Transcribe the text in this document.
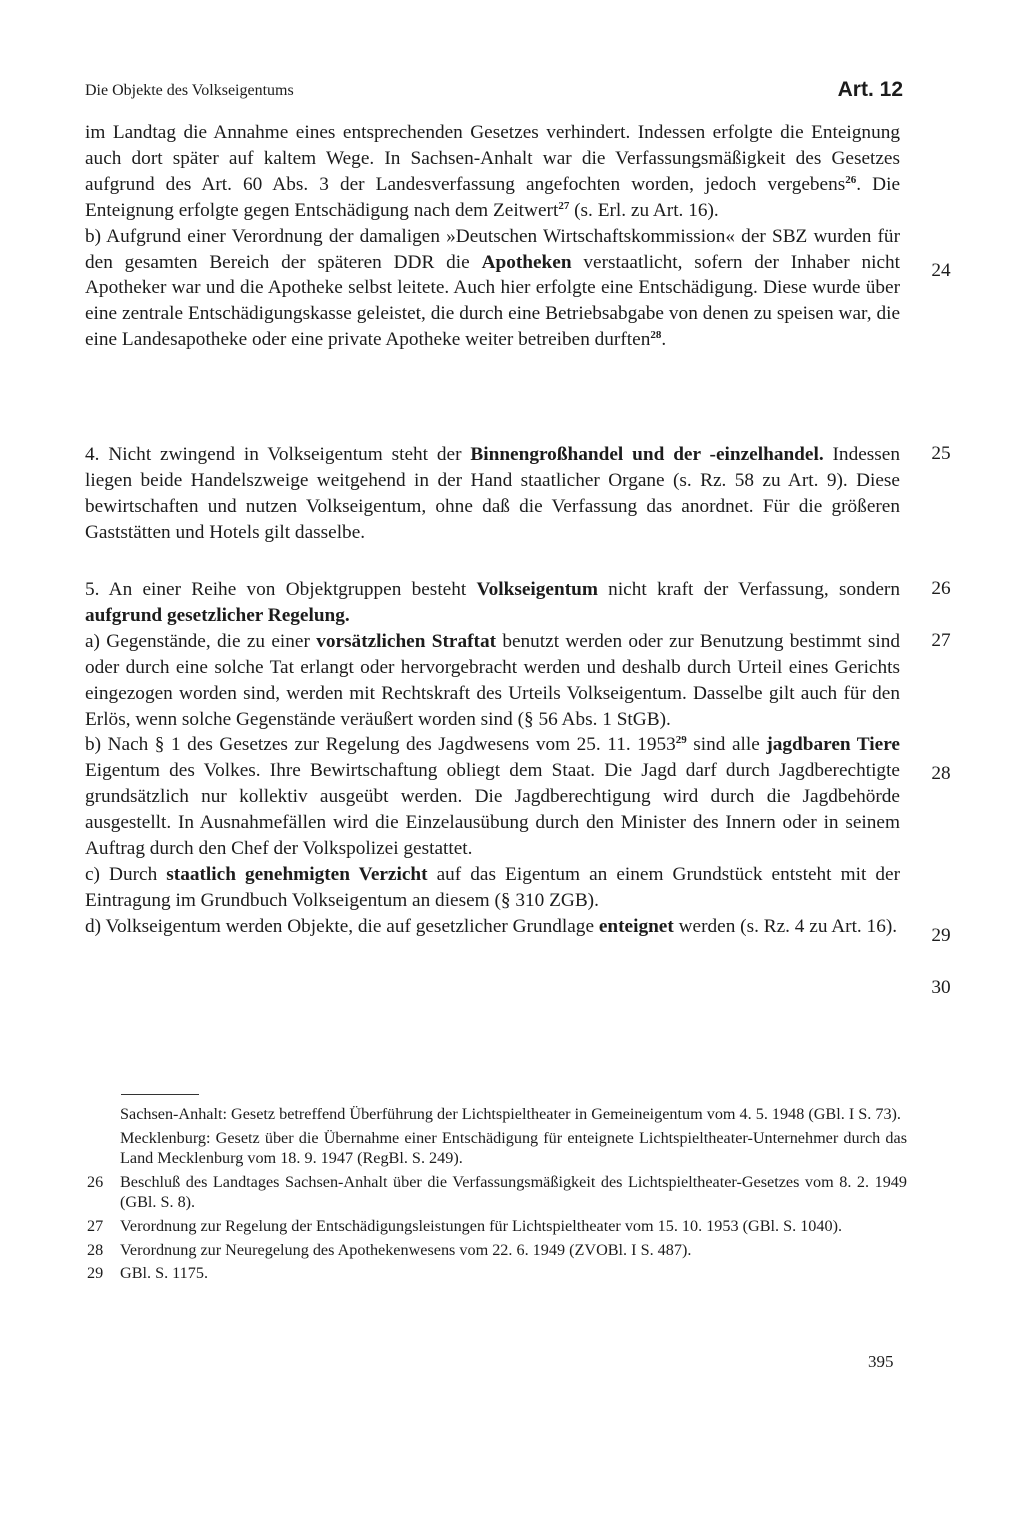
Die Objekte des Volkseigentums	Art. 12

im Landtag die Annahme eines entsprechenden Gesetzes verhindert. Indessen erfolgte die Enteignung auch dort später auf kaltem Wege. In Sachsen-Anhalt war die Verfassungsmäßigkeit des Gesetzes aufgrund des Art. 60 Abs. 3 der Landesverfassung angefochten worden, jedoch vergebens$^{26}$. Die Enteignung erfolgte gegen Entschädigung nach dem Zeitwert$^{27}$ (s. Erl. zu Art. 16).

b) Aufgrund einer Verordnung der damaligen »Deutschen Wirtschaftskommission« der SBZ wurden für den gesamten Bereich der späteren DDR die Apotheken verstaatlicht, sofern der Inhaber nicht Apotheker war und die Apotheke selbst leitete. Auch hier erfolgte eine Entschädigung. Diese wurde über eine zentrale Entschädigungskasse geleistet, die durch eine Betriebsabgabe von denen zu speisen war, die eine Landesapotheke oder eine private Apotheke weiter betreiben durften$^{28}$.

4. Nicht zwingend in Volkseigentum steht der Binnengroßhandel und der -einzelhandel. Indessen liegen beide Handelszweige weitgehend in der Hand staatlicher Organe (s. Rz. 58 zu Art. 9). Diese bewirtschaften und nutzen Volkseigentum, ohne daß die Verfassung das anordnet. Für die größeren Gaststätten und Hotels gilt dasselbe.

5. An einer Reihe von Objektgruppen besteht Volkseigentum nicht kraft der Verfassung, sondern aufgrund gesetzlicher Regelung.

a) Gegenstände, die zu einer vorsätzlichen Straftat benutzt werden oder zur Benutzung bestimmt sind oder durch eine solche Tat erlangt oder hervorgebracht werden und deshalb durch Urteil eines Gerichts eingezogen worden sind, werden mit Rechtskraft des Urteils Volkseigentum. Dasselbe gilt auch für den Erlös, wenn solche Gegenstände veräußert worden sind (§ 56 Abs. 1 StGB).

b) Nach § 1 des Gesetzes zur Regelung des Jagdwesens vom 25. 11. 1953$^{29}$ sind alle jagdbaren Tiere Eigentum des Volkes. Ihre Bewirtschaftung obliegt dem Staat. Die Jagd darf durch Jagdberechtigte grundsätzlich nur kollektiv ausgeübt werden. Die Jagdberechtigung wird durch die Jagdbehörde ausgestellt. In Ausnahmefällen wird die Einzelausübung durch den Minister des Innern oder in seinem Auftrag durch den Chef der Volkspolizei gestattet.

c) Durch staatlich genehmigten Verzicht auf das Eigentum an einem Grundstück entsteht mit der Eintragung im Grundbuch Volkseigentum an diesem (§ 310 ZGB).

d) Volkseigentum werden Objekte, die auf gesetzlicher Grundlage enteignet werden (s. Rz. 4 zu Art. 16).

24
25
26
27
28
29
30
Sachsen-Anhalt: Gesetz betreffend Überführung der Lichtspieltheater in Gemeineigentum vom 4. 5. 1948 (GBl. I S. 73).
Mecklenburg: Gesetz über die Übernahme einer Entschädigung für enteignete Lichtspieltheater-Unternehmer durch das Land Mecklenburg vom 18. 9. 1947 (RegBl. S. 249).
26 Beschluß des Landtages Sachsen-Anhalt über die Verfassungsmäßigkeit des Lichtspieltheater-Gesetzes vom 8. 2. 1949 (GBl. S. 8).
27 Verordnung zur Regelung der Entschädigungsleistungen für Lichtspieltheater vom 15. 10. 1953 (GBl. S. 1040).
28 Verordnung zur Neuregelung des Apothekenwesens vom 22. 6. 1949 (ZVOBl. I S. 487).
29 GBl. S. 1175.
395
